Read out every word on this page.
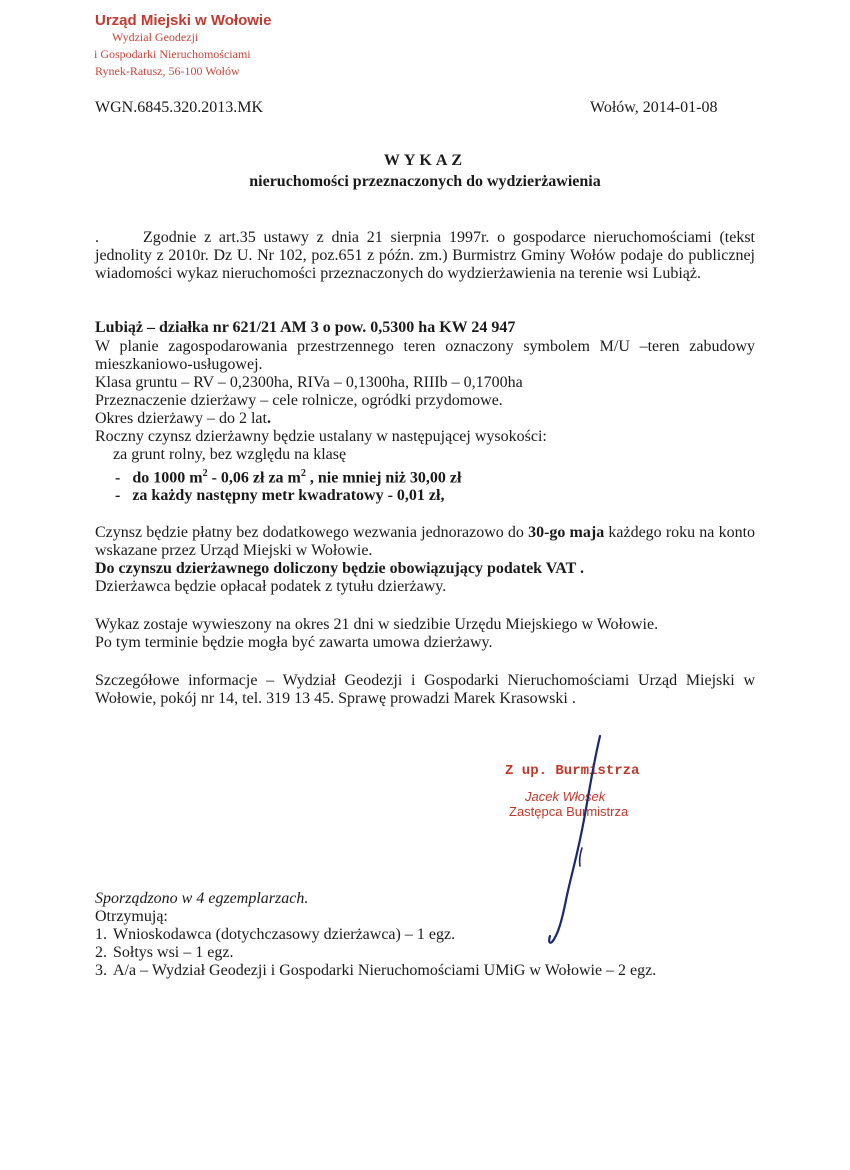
Urząd Miejski w Wołowie
Wydział Geodezji
i Gospodarki Nieruchomościami
Rynek-Ratusz, 56-100 Wołów
WGN.6845.320.2013.MK	Wołów, 2014-01-08
WYKAZ
nieruchomości przeznaczonych do wydzierżawienia
.	Zgodnie z art.35 ustawy z dnia 21 sierpnia 1997r. o gospodarce nieruchomościami (tekst jednolity z 2010r. Dz U. Nr 102, poz.651 z późn. zm.) Burmistrz Gminy Wołów podaje do publicznej wiadomości wykaz nieruchomości przeznaczonych do wydzierżawienia na terenie wsi Lubiąż.
Lubiąż – działka nr 621/21 AM 3 o pow. 0,5300 ha KW 24 947
W planie zagospodarowania przestrzennego teren oznaczony symbolem M/U –teren zabudowy mieszkaniowo-usługowej.
Klasa gruntu – RV – 0,2300ha, RIVa – 0,1300ha, RIIIb – 0,1700ha
Przeznaczenie dzierżawy – cele rolnicze, ogródki przydomowe.
Okres dzierżawy – do 2 lat.
Roczny czynsz dzierżawny będzie ustalany w następującej wysokości:
za grunt rolny, bez względu na klasę
- do 1000 $m^2 - 0,06$ zł za $m^2$ , nie mniej niż 30,00 zł
- za każdy następny metr kwadratowy - 0,01 zł,
Czynsz będzie płatny bez dodatkowego wezwania jednorazowo do 30-go maja każdego roku na konto wskazane przez Urząd Miejski w Wołowie.
Do czynszu dzierżawnego doliczony będzie obowiązujący podatek VAT .
Dzierżawca będzie opłacał podatek z tytułu dzierżawy.
Wykaz zostaje wywieszony na okres 21 dni w siedzibie Urzędu Miejskiego w Wołowie.
Po tym terminie będzie mogła być zawarta umowa dzierżawy.
Szczegółowe informacje – Wydział Geodezji i Gospodarki Nieruchomościami Urząd Miejski w Wołowie, pokój nr 14, tel. 319 13 45. Sprawę prowadzi Marek Krasowski .
Z up. Burmistrza
Jacek Włosek
Zastępca Burmistrza
Sporządzono w 4 egzemplarzach.
Otrzymują:
1. Wnioskodawca (dotychczasowy dzierżawca) – 1 egz.
2. Sołtys wsi – 1 egz.
3. A/a – Wydział Geodezji i Gospodarki Nieruchomościami UMiG w Wołowie – 2 egz.
